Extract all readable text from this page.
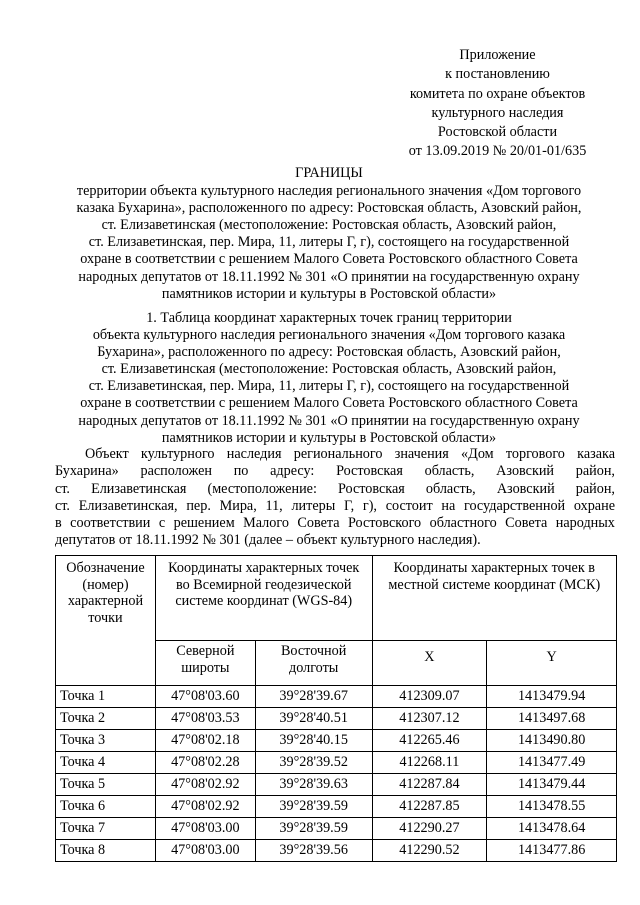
Приложение
к постановлению
комитета по охране объектов
культурного наследия
Ростовской области
от 13.09.2019 № 20/01-01/635
ГРАНИЦЫ
территории объекта культурного наследия регионального значения «Дом торгового
казака Бухарина», расположенного по адресу: Ростовская область, Азовский район,
ст. Елизаветинская (местоположение: Ростовская область, Азовский район,
ст. Елизаветинская, пер. Мира, 11, литеры Г, г), состоящего на государственной
охране в соответствии с решением Малого Совета Ростовского областного Совета
народных депутатов от 18.11.1992 № 301 «О принятии на государственную охрану
памятников истории и культуры в Ростовской области»
1. Таблица координат характерных точек границ территории
объекта культурного наследия регионального значения «Дом торгового казака
Бухарина», расположенного по адресу: Ростовская область, Азовский район,
ст. Елизаветинская (местоположение: Ростовская область, Азовский район,
ст. Елизаветинская, пер. Мира, 11, литеры Г, г), состоящего на государственной
охране в соответствии с решением Малого Совета Ростовского областного Совета
народных депутатов от 18.11.1992 № 301 «О принятии на государственную охрану
памятников истории и культуры в Ростовской области»
Объект культурного наследия регионального значения «Дом торгового казака
Бухарина» расположен по адресу: Ростовская область, Азовский район,
ст. Елизаветинская (местоположение: Ростовская область, Азовский район,
ст. Елизаветинская, пер. Мира, 11, литеры Г, г), состоит на государственной охране
в соответствии с решением Малого Совета Ростовского областного Совета народных
депутатов от 18.11.1992 № 301 (далее – объект культурного наследия).
Обозначение (номер) характерной точки	Координаты характерных точек во Всемирной геодезической системе координат (WGS-84)		Координаты характерных точек в местной системе координат (МСК)	
	Северной широты	Восточной долготы	X	Y
Точка 1	47°08'03.60	39°28'39.67	412309.07	1413479.94
Точка 2	47°08'03.53	39°28'40.51	412307.12	1413497.68
Точка 3	47°08'02.18	39°28'40.15	412265.46	1413490.80
Точка 4	47°08'02.28	39°28'39.52	412268.11	1413477.49
Точка 5	47°08'02.92	39°28'39.63	412287.84	1413479.44
Точка 6	47°08'02.92	39°28'39.59	412287.85	1413478.55
Точка 7	47°08'03.00	39°28'39.59	412290.27	1413478.64
Точка 8	47°08'03.00	39°28'39.56	412290.52	1413477.86
